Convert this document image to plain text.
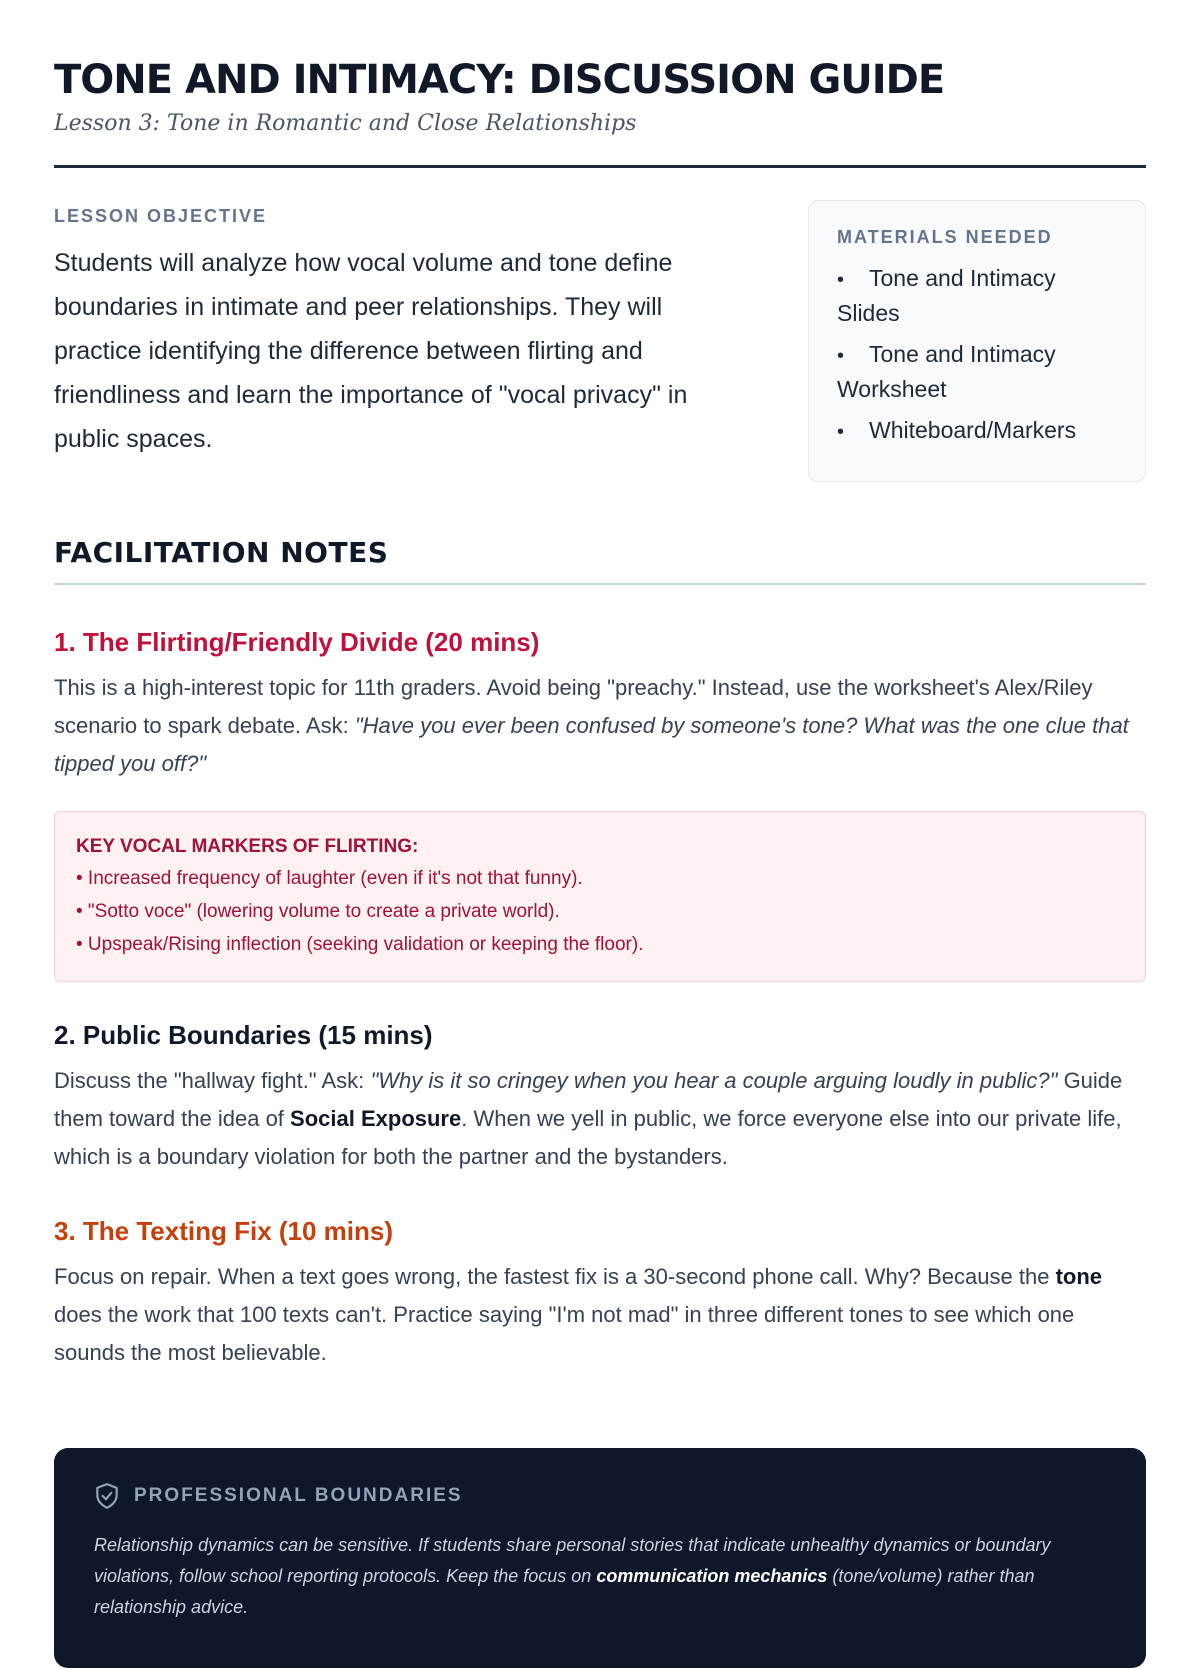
TONE AND INTIMACY: DISCUSSION GUIDE
Lesson 3: Tone in Romantic and Close Relationships
LESSON OBJECTIVE

Students will analyze how vocal volume and tone define boundaries in intimate and peer relationships. They will practice identifying the difference between flirting and friendliness and learn the importance of "vocal privacy" in public spaces.

MATERIALS NEEDED
• Tone and Intimacy Slides
• Tone and Intimacy Worksheet
• Whiteboard/Markers
FACILITATION NOTES
1. The Flirting/Friendly Divide (20 mins)

This is a high-interest topic for 11th graders. Avoid being "preachy." Instead, use the worksheet's Alex/Riley scenario to spark debate. Ask: "Have you ever been confused by someone's tone? What was the one clue that tipped you off?"

KEY VOCAL MARKERS OF FLIRTING:
• Increased frequency of laughter (even if it's not that funny).
• "Sotto voce" (lowering volume to create a private world).
• Upspeak/Rising inflection (seeking validation or keeping the floor).
2. Public Boundaries (15 mins)

Discuss the "hallway fight." Ask: "Why is it so cringey when you hear a couple arguing loudly in public?" Guide them toward the idea of Social Exposure. When we yell in public, we force everyone else into our private life, which is a boundary violation for both the partner and the bystanders.

3. The Texting Fix (10 mins)

Focus on repair. When a text goes wrong, the fastest fix is a 30-second phone call. Why? Because the tone does the work that 100 texts can't. Practice saying "I'm not mad" in three different tones to see which one sounds the most believable.

PROFESSIONAL BOUNDARIES

Relationship dynamics can be sensitive. If students share personal stories that indicate unhealthy dynamics or boundary violations, follow school reporting protocols. Keep the focus on communication mechanics (tone/volume) rather than relationship advice.
